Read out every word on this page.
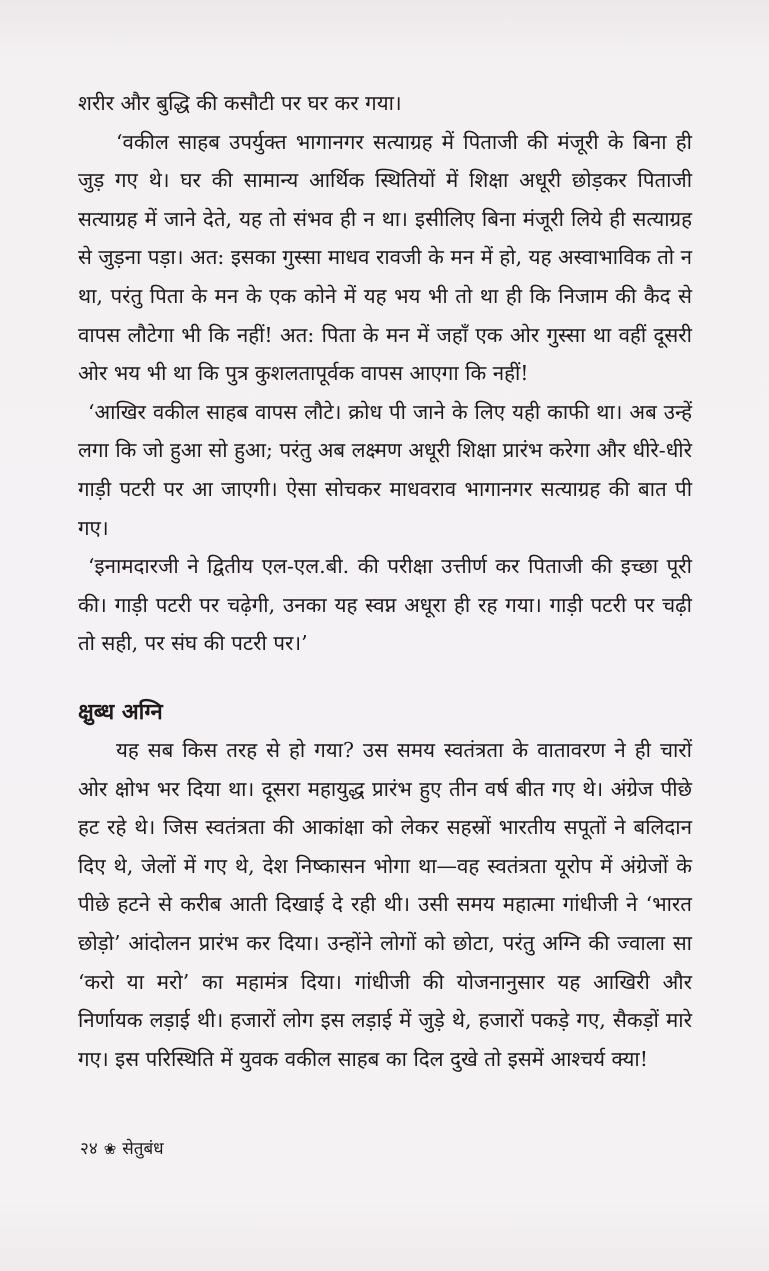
शरीर और बुद्धि की कसौटी पर घर कर गया।

‘वकील साहब उपर्युक्त भागानगर सत्याग्रह में पिताजी की मंजूरी के बिना ही जुड़ गए थे। घर की सामान्य आर्थिक स्थितियों में शिक्षा अधूरी छोड़कर पिताजी सत्याग्रह में जाने देते, यह तो संभव ही न था। इसीलिए बिना मंजूरी लिये ही सत्याग्रह से जुड़ना पड़ा। अत: इसका गुस्सा माधव रावजी के मन में हो, यह अस्वाभाविक तो न था, परंतु पिता के मन के एक कोने में यह भय भी तो था ही कि निजाम की कैद से वापस लौटेगा भी कि नहीं! अत: पिता के मन में जहाँ एक ओर गुस्सा था वहीं दूसरी ओर भय भी था कि पुत्र कुशलतापूर्वक वापस आएगा कि नहीं!

‘आखिर वकील साहब वापस लौटे। क्रोध पी जाने के लिए यही काफी था। अब उन्हें लगा कि जो हुआ सो हुआ; परंतु अब लक्ष्मण अधूरी शिक्षा प्रारंभ करेगा और धीरे-धीरे गाड़ी पटरी पर आ जाएगी। ऐसा सोचकर माधवराव भागानगर सत्याग्रह की बात पी गए।

‘इनामदारजी ने द्वितीय एल-एल.बी. की परीक्षा उत्तीर्ण कर पिताजी की इच्छा पूरी की। गाड़ी पटरी पर चढ़ेगी, उनका यह स्वप्न अधूरा ही रह गया। गाड़ी पटरी पर चढ़ी तो सही, पर संघ की पटरी पर।’

क्षुब्ध अग्नि

यह सब किस तरह से हो गया? उस समय स्वतंत्रता के वातावरण ने ही चारों ओर क्षोभ भर दिया था। दूसरा महायुद्ध प्रारंभ हुए तीन वर्ष बीत गए थे। अंग्रेज पीछे हट रहे थे। जिस स्वतंत्रता की आकांक्षा को लेकर सहस्रों भारतीय सपूतों ने बलिदान दिए थे, जेलों में गए थे, देश निष्कासन भोगा था—वह स्वतंत्रता यूरोप में अंग्रेजों के पीछे हटने से करीब आती दिखाई दे रही थी। उसी समय महात्मा गांधीजी ने ‘भारत छोड़ो’ आंदोलन प्रारंभ कर दिया। उन्होंने लोगों को छोटा, परंतु अग्नि की ज्वाला सा ‘करो या मरो’ का महामंत्र दिया। गांधीजी की योजनानुसार यह आखिरी और निर्णायक लड़ाई थी। हजारों लोग इस लड़ाई में जुड़े थे, हजारों पकड़े गए, सैकड़ों मारे गए। इस परिस्थिति में युवक वकील साहब का दिल दुखे तो इसमें आश्चर्य क्या!

२४ ❀ सेतुबंध
